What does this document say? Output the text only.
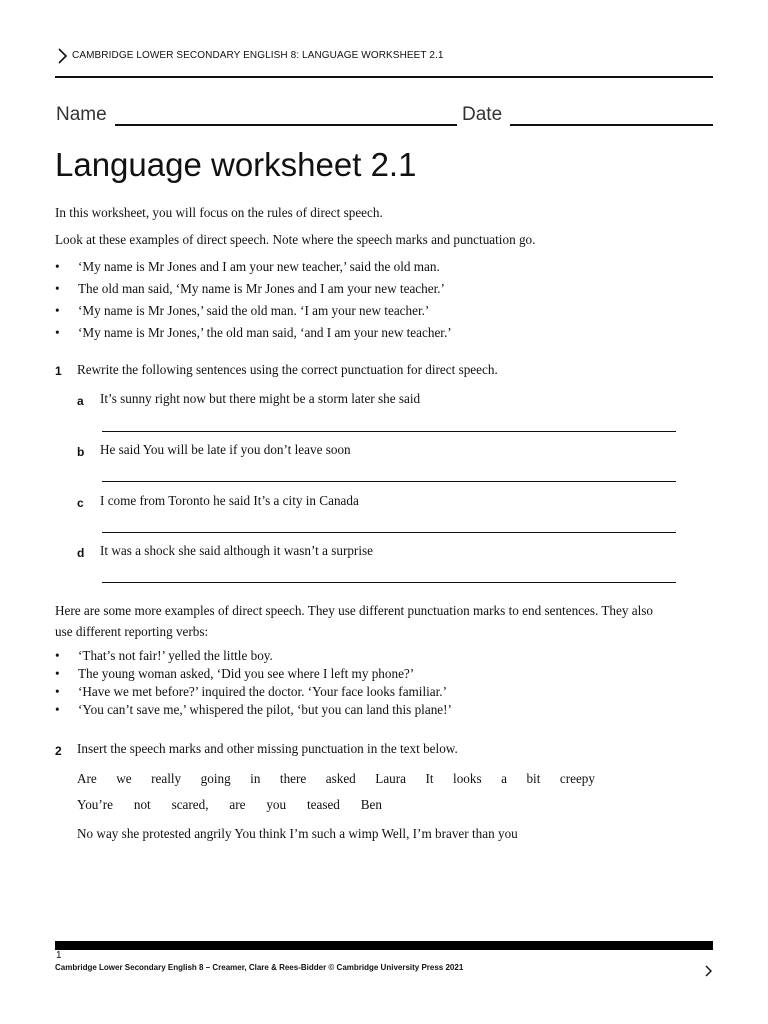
CAMBRIDGE LOWER SECONDARY ENGLISH 8: LANGUAGE WORKSHEET 2.1
Name	Date
Language worksheet 2.1
In this worksheet, you will focus on the rules of direct speech.
Look at these examples of direct speech. Note where the speech marks and punctuation go.
• ‘My name is Mr Jones and I am your new teacher,’ said the old man.
• The old man said, ‘My name is Mr Jones and I am your new teacher.’
• ‘My name is Mr Jones,’ said the old man. ‘I am your new teacher.’
• ‘My name is Mr Jones,’ the old man said, ‘and I am your new teacher.’
1 Rewrite the following sentences using the correct punctuation for direct speech.
a It’s sunny right now but there might be a storm later she said
b He said You will be late if you don’t leave soon
c I come from Toronto he said It’s a city in Canada
d It was a shock she said although it wasn’t a surprise
Here are some more examples of direct speech. They use different punctuation marks to end sentences. They also use different reporting verbs:
• ‘That’s not fair!’ yelled the little boy.
• The young woman asked, ‘Did you see where I left my phone?’
• ‘Have we met before?’ inquired the doctor. ‘Your face looks familiar.’
• ‘You can’t save me,’ whispered the pilot, ‘but you can land this plane!’
2 Insert the speech marks and other missing punctuation in the text below.
Are we really going in there asked Laura It looks a bit creepy
You’re not scared, are you teased Ben
No way she protested angrily You think I’m such a wimp Well, I’m braver than you
1
Cambridge Lower Secondary English 8 – Creamer, Clare & Rees-Bidder © Cambridge University Press 2021
